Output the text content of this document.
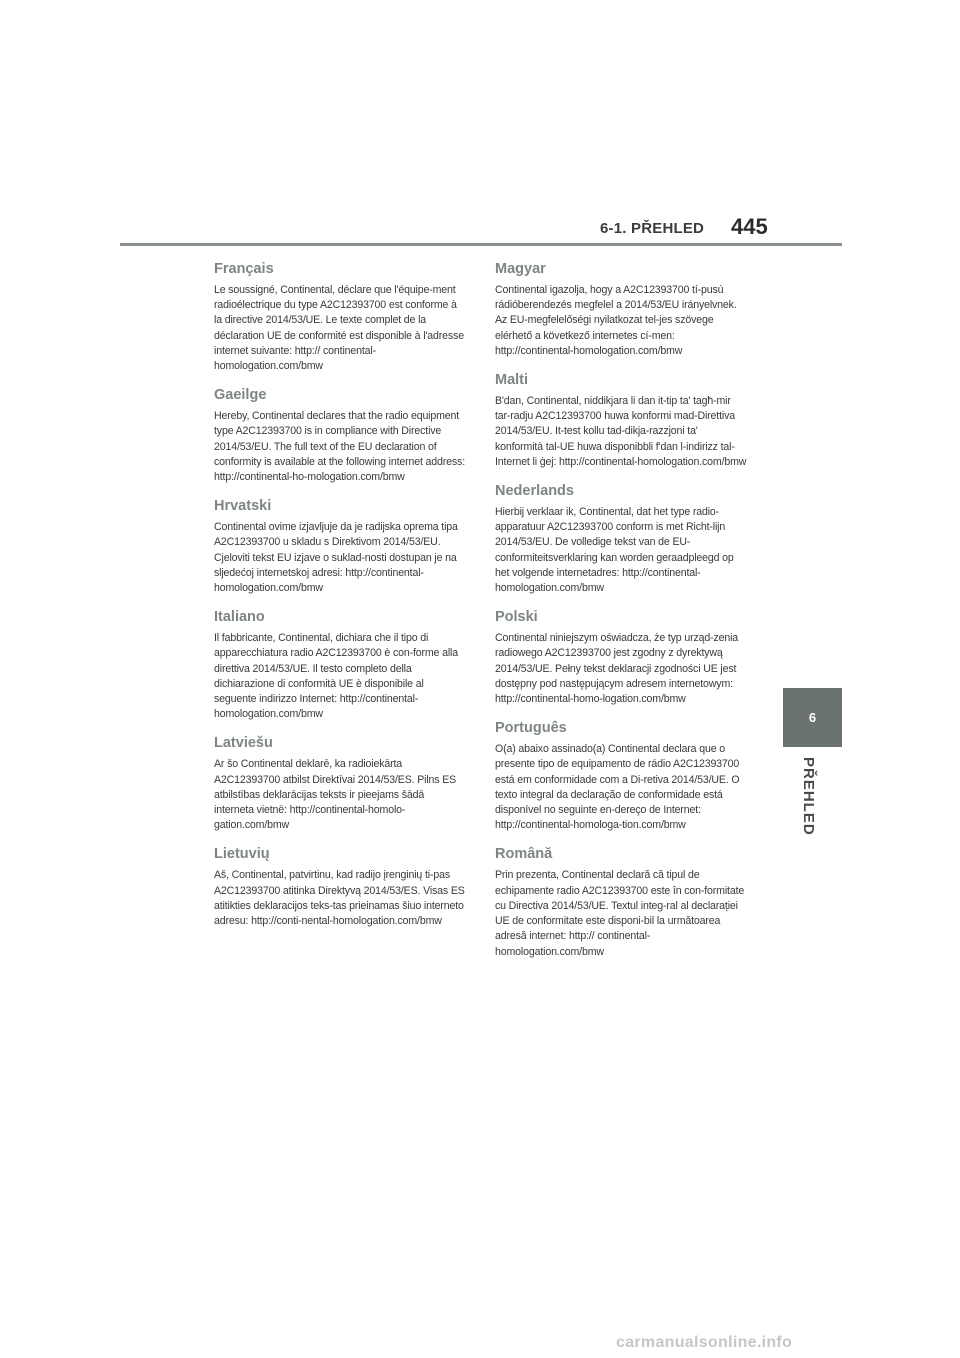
6-1. PŘEHLED 445
Français

Le soussigné, Continental, déclare que l'équipe-ment radioélectrique du type A2C12393700 est conforme à la directive 2014/53/UE. Le texte complet de la déclaration UE de conformité est disponible à l'adresse internet suivante: http:// continental-homologation.com/bmw

Gaeilge

Hereby, Continental declares that the radio equipment type A2C12393700 is in compliance with Directive 2014/53/EU. The full text of the EU declaration of conformity is available at the following internet address: http://continental-ho-mologation.com/bmw

Hrvatski

Continental ovime izjavljuje da je radijska oprema tipa A2C12393700 u skladu s Direktivom 2014/53/EU. Cjeloviti tekst EU izjave o suklad-nosti dostupan je na sljedećoj internetskoj adresi: http://continental-homologation.com/bmw

Italiano

Il fabbricante, Continental, dichiara che il tipo di apparecchiatura radio A2C12393700 è con-forme alla direttiva 2014/53/UE. Il testo completo della dichiarazione di conformità UE è disponibile al seguente indirizzo Internet: http://continental-homologation.com/bmw

Latviešu

Ar šo Continental deklarē, ka radioiekārta A2C12393700 atbilst Direktīvai 2014/53/ES. Pilns ES atbilstības deklarācijas teksts ir pieejams šādā interneta vietnē: http://continental-homolo-gation.com/bmw

Lietuvių

Aš, Continental, patvirtinu, kad radijo įrenginių ti-pas A2C12393700 atitinka Direktyvą 2014/53/ES. Visas ES atitikties deklaracijos teks-tas prieinamas šiuo interneto adresu: http://conti-nental-homologation.com/bmw

Magyar

Continental igazolja, hogy a A2C12393700 tí-pusú rádióberendezés megfelel a 2014/53/EU irányelvnek. Az EU-megfelelőségi nyilatkozat tel-jes szövege elérhető a következő internetes cí-men: http://continental-homologation.com/bmw

Malti

B'dan, Continental, niddikjara li dan it-tip ta' tagħ-mir tar-radju A2C12393700 huwa konformi mad-Direttiva 2014/53/EU. It-test kollu tad-dikja-razzjoni ta' konformità tal-UE huwa disponibbli f'dan l-indirizz tal-Internet li ġej: http://continental-homologation.com/bmw

Nederlands

Hierbij verklaar ik, Continental, dat het type radio-apparatuur A2C12393700 conform is met Richt-lijn 2014/53/EU. De volledige tekst van de EU-conformiteitsverklaring kan worden geraadpleegd op het volgende internetadres: http://continental-homologation.com/bmw

Polski

Continental niniejszym oświadcza, że typ urząd-zenia radiowego A2C12393700 jest zgodny z dyrektywą 2014/53/UE. Pełny tekst deklaracji zgodności UE jest dostępny pod następującym adresem internetowym: http://continental-homo-logation.com/bmw

Português

O(a) abaixo assinado(a) Continental declara que o presente tipo de equipamento de rádio A2C12393700 está em conformidade com a Di-retiva 2014/53/UE. O texto integral da declaração de conformidade está disponível no seguinte en-dereço de Internet: http://continental-homologa-tion.com/bmw

Română

Prin prezenta, Continental declară că tipul de echipamente radio A2C12393700 este în con-formitate cu Directiva 2014/53/UE. Textul integ-ral al declarației UE de conformitate este disponi-bil la următoarea adresă internet: http:// continental-homologation.com/bmw

6
PŘEHLED
carmanualsonline.info
